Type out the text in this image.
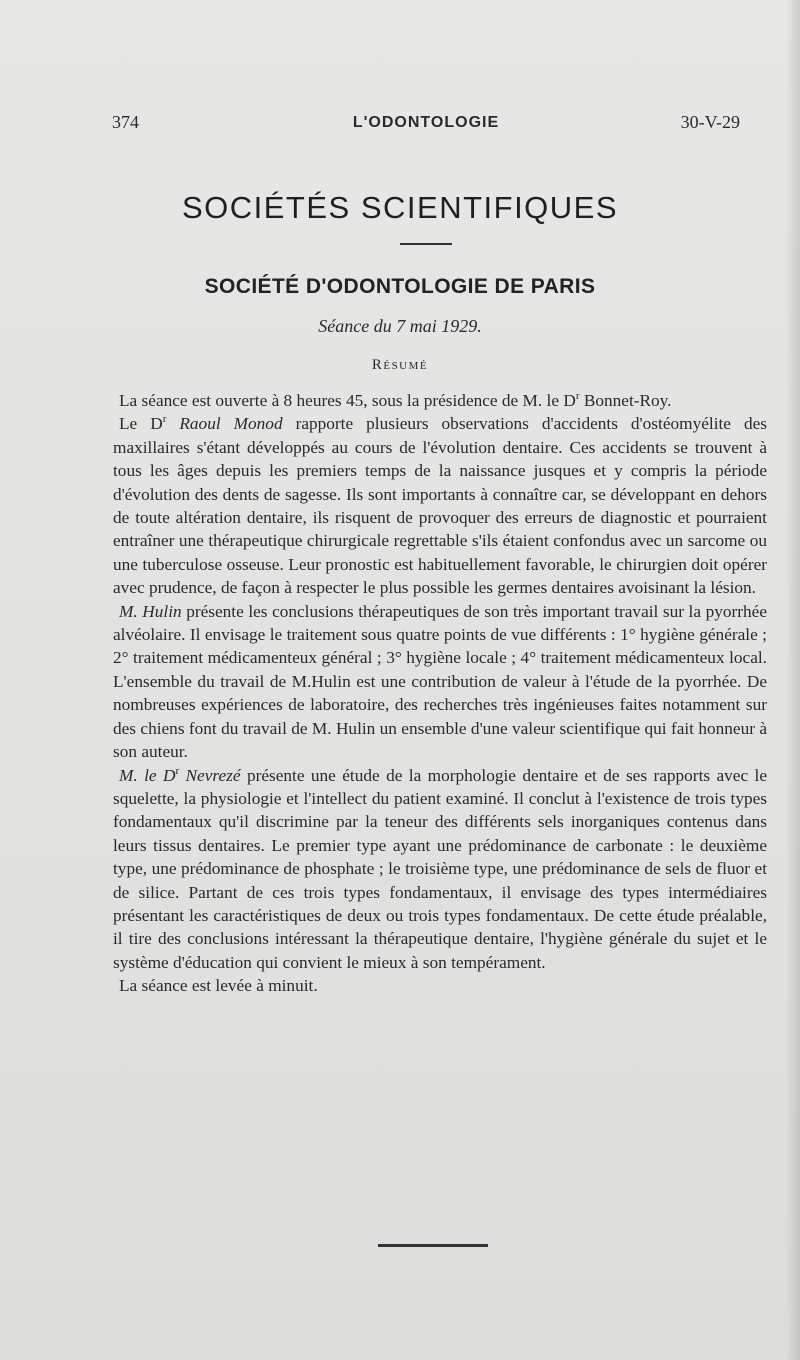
374	L'ODONTOLOGIE	30-V-29
SOCIÉTÉS SCIENTIFIQUES
SOCIÉTÉ D'ODONTOLOGIE DE PARIS
Séance du 7 mai 1929.
Résumé

La séance est ouverte à 8 heures 45, sous la présidence de M. le $D^r$ Bonnet-Roy.

Le $D^r$ Raoul Monod rapporte plusieurs observations d'accidents d'ostéomyélite des maxillaires s'étant développés au cours de l'évolution dentaire. Ces accidents se trouvent à tous les âges depuis les premiers temps de la naissance jusques et y compris la période d'évolution des dents de sagesse. Ils sont importants à connaître car, se développant en dehors de toute altération dentaire, ils risquent de provoquer des erreurs de diagnostic et pourraient entraîner une thérapeutique chirurgicale regrettable s'ils étaient confondus avec un sarcome ou une tuberculose osseuse. Leur pronostic est habituellement favorable, le chirurgien doit opérer avec prudence, de façon à respecter le plus possible les germes dentaires avoisinant la lésion.

M. Hulin présente les conclusions thérapeutiques de son très important travail sur la pyorrhée alvéolaire. Il envisage le traitement sous quatre points de vue différents : 1° hygiène générale ; 2° traitement médicamenteux général ; 3° hygiène locale ; 4° traitement médicamenteux local. L'ensemble du travail de M.Hulin est une contribution de valeur à l'étude de la pyorrhée. De nombreuses expériences de laboratoire, des recherches très ingénieuses faites notamment sur des chiens font du travail de M. Hulin un ensemble d'une valeur scientifique qui fait honneur à son auteur.

M. le $D^r$ Nevrezé présente une étude de la morphologie dentaire et de ses rapports avec le squelette, la physiologie et l'intellect du patient examiné. Il conclut à l'existence de trois types fondamentaux qu'il discrimine par la teneur des différents sels inorganiques contenus dans leurs tissus dentaires. Le premier type ayant une prédominance de carbonate : le deuxième type, une prédominance de phosphate ; le troisième type, une prédominance de sels de fluor et de silice. Partant de ces trois types fondamentaux, il envisage des types intermédiaires présentant les caractéristiques de deux ou trois types fondamentaux. De cette étude préalable, il tire des conclusions intéressant la thérapeutique dentaire, l'hygiène générale du sujet et le système d'éducation qui convient le mieux à son tempérament.

La séance est levée à minuit.
